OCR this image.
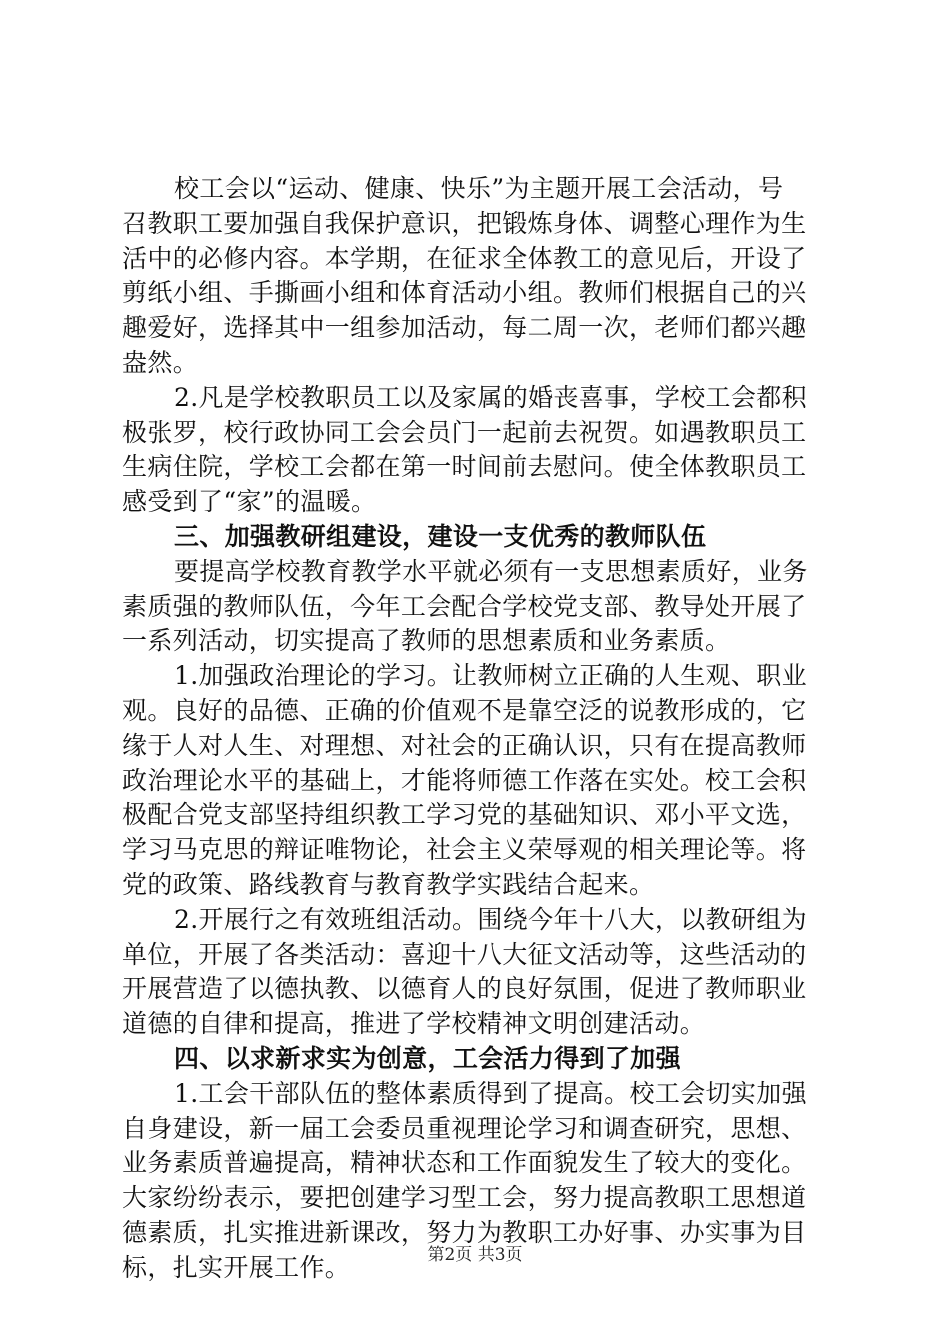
校工会以“运动、健康、快乐”为主题开展工会活动，号
召教职工要加强自我保护意识，把锻炼身体、调整心理作为生
活中的必修内容。本学期，在征求全体教工的意见后，开设了
剪纸小组、手撕画小组和体育活动小组。教师们根据自己的兴
趣爱好，选择其中一组参加活动，每二周一次，老师们都兴趣
盎然。
2.凡是学校教职员工以及家属的婚丧喜事，学校工会都积
极张罗，校行政协同工会会员门一起前去祝贺。如遇教职员工
生病住院，学校工会都在第一时间前去慰问。使全体教职员工
感受到了“家”的温暖。
三、加强教研组建设，建设一支优秀的教师队伍
要提高学校教育教学水平就必须有一支思想素质好，业务
素质强的教师队伍，今年工会配合学校党支部、教导处开展了
一系列活动，切实提高了教师的思想素质和业务素质。
1.加强政治理论的学习。让教师树立正确的人生观、职业
观。良好的品德、正确的价值观不是靠空泛的说教形成的，它
缘于人对人生、对理想、对社会的正确认识，只有在提高教师
政治理论水平的基础上，才能将师德工作落在实处。校工会积
极配合党支部坚持组织教工学习党的基础知识、邓小平文选，
学习马克思的辩证唯物论，社会主义荣辱观的相关理论等。将
党的政策、路线教育与教育教学实践结合起来。
2.开展行之有效班组活动。围绕今年十八大，以教研组为
单位，开展了各类活动：喜迎十八大征文活动等，这些活动的
开展营造了以德执教、以德育人的良好氛围，促进了教师职业
道德的自律和提高，推进了学校精神文明创建活动。
四、以求新求实为创意，工会活力得到了加强
1.工会干部队伍的整体素质得到了提高。校工会切实加强
自身建设，新一届工会委员重视理论学习和调查研究，思想、
业务素质普遍提高，精神状态和工作面貌发生了较大的变化。
大家纷纷表示，要把创建学习型工会，努力提高教职工思想道
德素质，扎实推进新课改，努力为教职工办好事、办实事为目
标，扎实开展工作。	第2页 共3页
